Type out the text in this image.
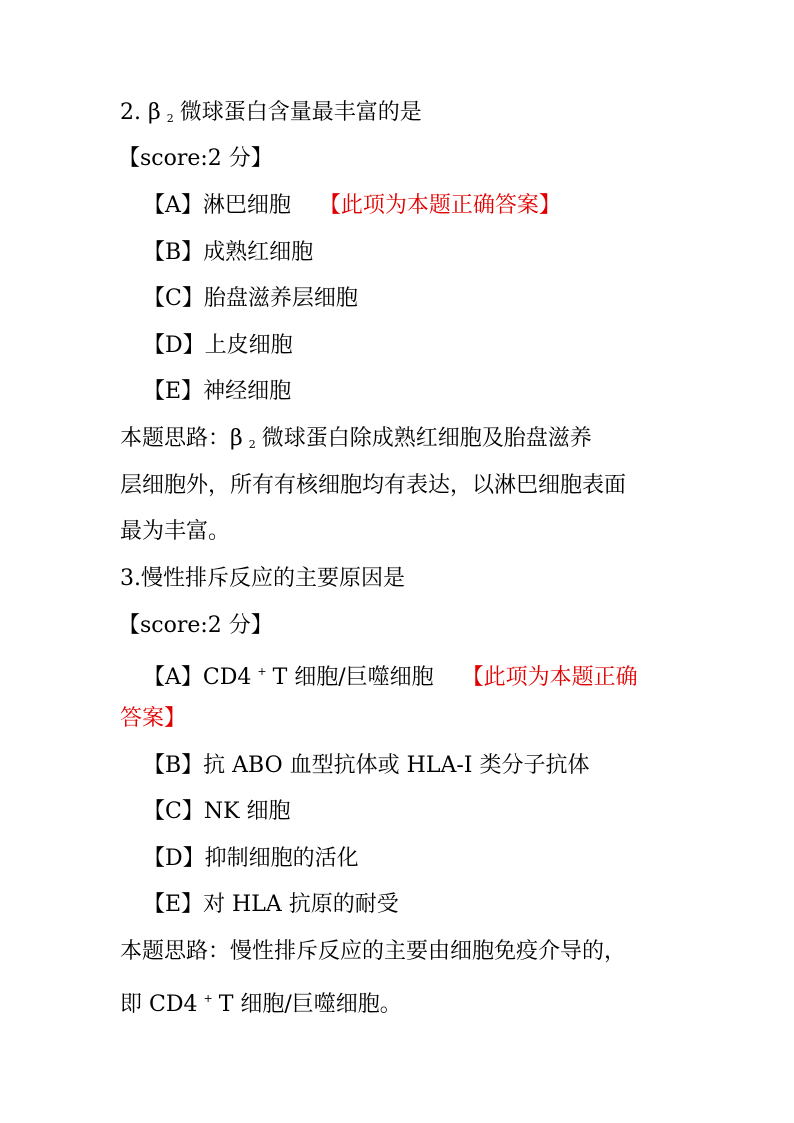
2. β $_2$ 微球蛋白含量最丰富的是
【score:2 分】
【A】淋巴细胞 【此项为本题正确答案】
【B】成熟红细胞
【C】胎盘滋养层细胞
【D】上皮细胞
【E】神经细胞
本题思路：β $_2$ 微球蛋白除成熟红细胞及胎盘滋养
层细胞外，所有有核细胞均有表达，以淋巴细胞表面
最为丰富。
3.慢性排斥反应的主要原因是
【score:2 分】
【A】CD4 + T 细胞/巨噬细胞 【此项为本题正确
答案】
【B】抗 ABO 血型抗体或 HLA-I 类分子抗体
【C】NK 细胞
【D】抑制细胞的活化
【E】对 HLA 抗原的耐受
本题思路：慢性排斥反应的主要由细胞免疫介导的，
即 CD4 + T 细胞/巨噬细胞。
